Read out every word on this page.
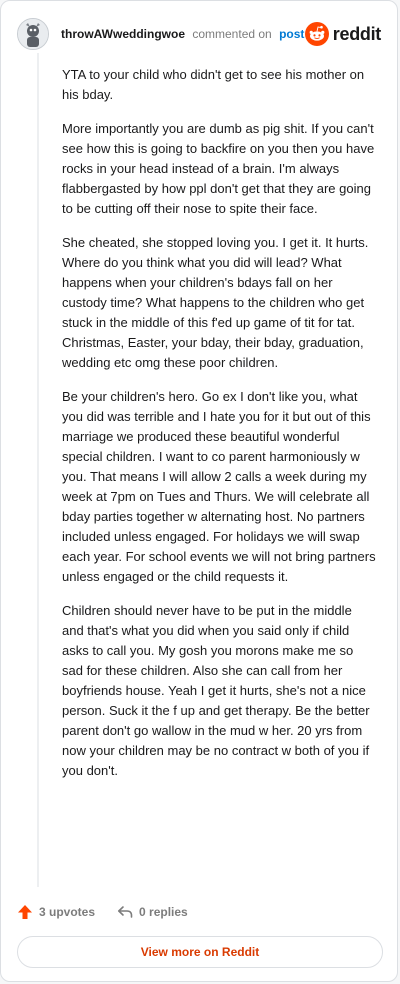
throwAWweddingwoe commented on post reddit

YTA to your child who didn't get to see his mother on his bday.

More importantly you are dumb as pig shit. If you can't see how this is going to backfire on you then you have rocks in your head instead of a brain. I'm always flabbergasted by how ppl don't get that they are going to be cutting off their nose to spite their face.

She cheated, she stopped loving you. I get it. It hurts. Where do you think what you did will lead? What happens when your children's bdays fall on her custody time? What happens to the children who get stuck in the middle of this f'ed up game of tit for tat. Christmas, Easter, your bday, their bday, graduation, wedding etc omg these poor children.

Be your children's hero. Go ex I don't like you, what you did was terrible and I hate you for it but out of this marriage we produced these beautiful wonderful special children. I want to co parent harmoniously w you. That means I will allow 2 calls a week during my week at 7pm on Tues and Thurs. We will celebrate all bday parties together w alternating host. No partners included unless engaged. For holidays we will swap each year. For school events we will not bring partners unless engaged or the child requests it.

Children should never have to be put in the middle and that's what you did when you said only if child asks to call you. My gosh you morons make me so sad for these children. Also she can call from her boyfriends house. Yeah I get it hurts, she's not a nice person. Suck it the f up and get therapy. Be the better parent don't go wallow in the mud w her. 20 yrs from now your children may be no contract w both of you if you don't.

3 upvotes	0 replies
View more on Reddit
